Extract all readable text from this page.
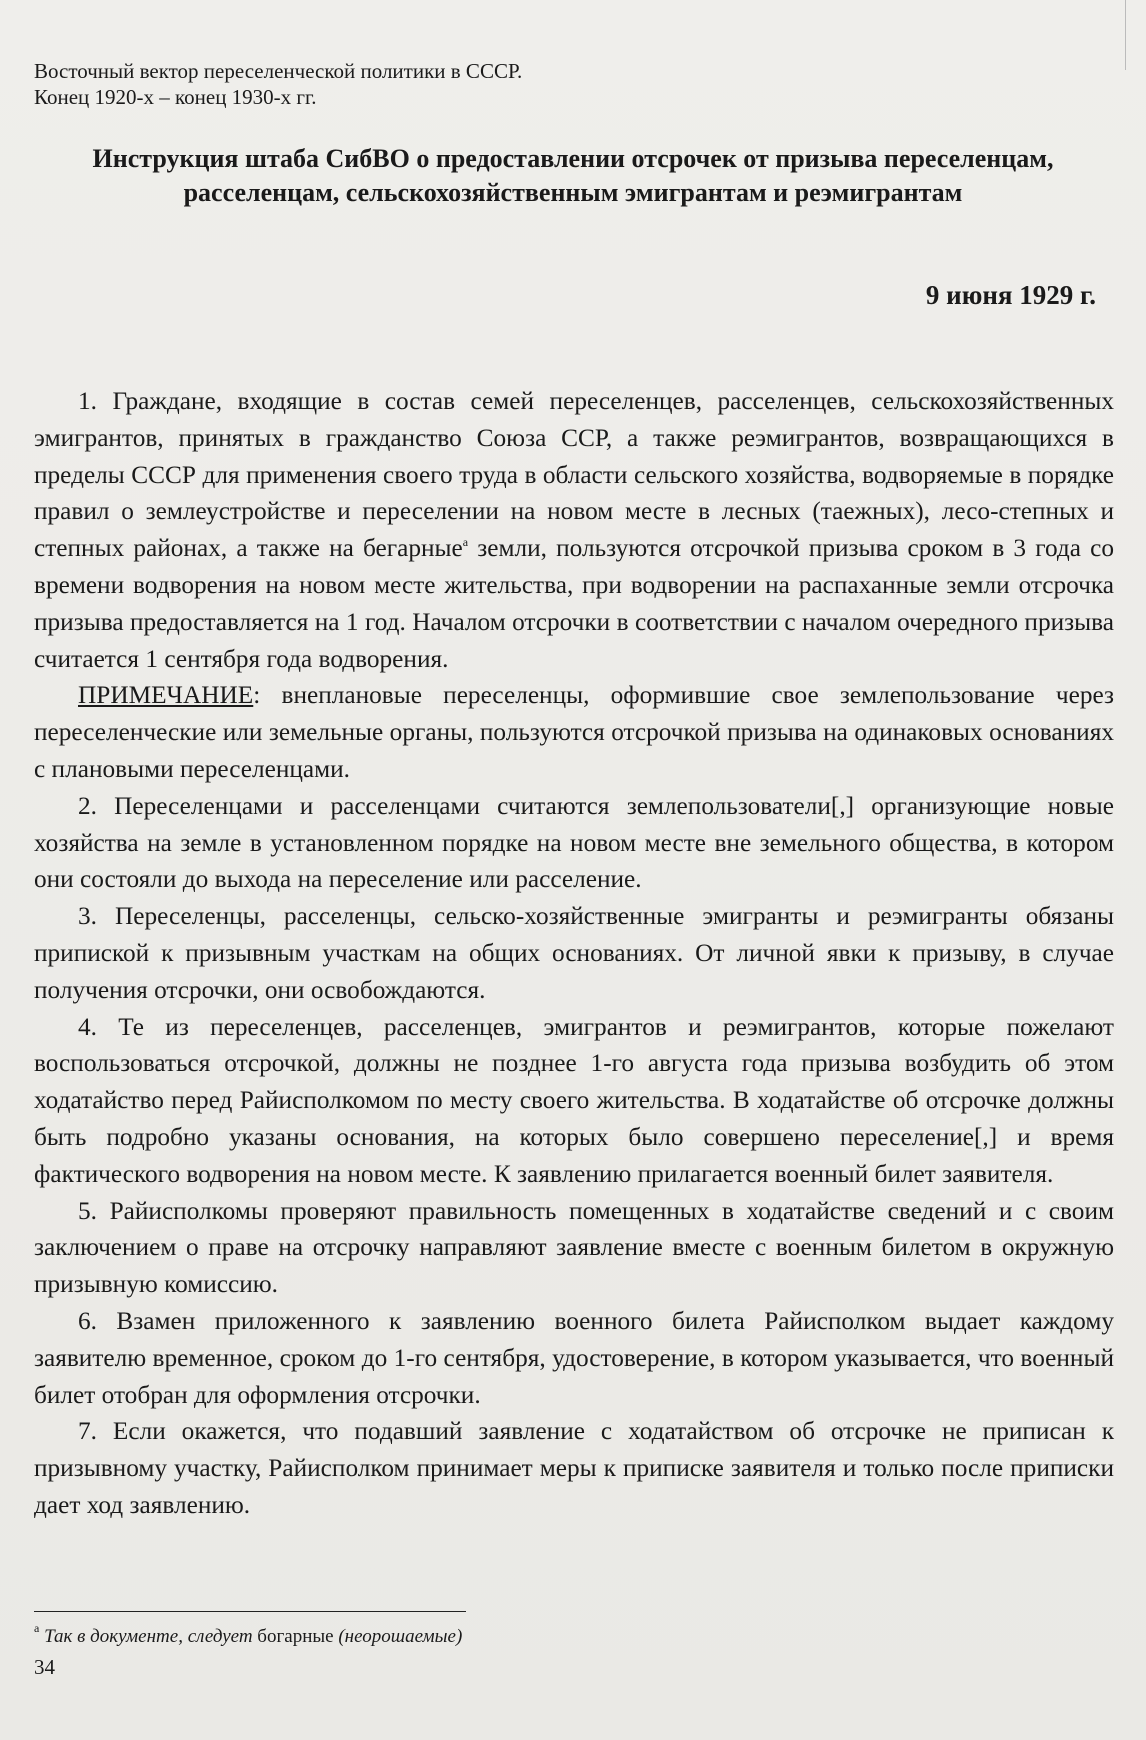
Восточный вектор переселенческой политики в СССР.
Конец 1920-х – конец 1930-х гг.
Инструкция штаба СибВО о предоставлении отсрочек от призыва переселенцам, расселенцам, сельскохозяйственным эмигрантам и реэмигрантам
9 июня 1929 г.

1. Граждане, входящие в состав семей переселенцев, расселенцев, сельскохозяйственных эмигрантов, принятых в гражданство Союза ССР, а также реэмигрантов, возвращающихся в пределы СССР для применения своего труда в области сельского хозяйства, водворяемые в порядке правил о землеустройстве и переселении на новом месте в лесных (таежных), лесо-степных и степных районах, а также на бегарные$^а$ земли, пользуются отсрочкой призыва сроком в 3 года со времени водворения на новом месте жительства, при водворении на распаханные земли отсрочка призыва предоставляется на 1 год. Началом отсрочки в соответствии с началом очередного призыва считается 1 сентября года водворения.

ПРИМЕЧАНИЕ: внеплановые переселенцы, оформившие свое землепользование через переселенческие или земельные органы, пользуются отсрочкой призыва на одинаковых основаниях с плановыми переселенцами.

2. Переселенцами и расселенцами считаются землепользователи[,] организующие новые хозяйства на земле в установленном порядке на новом месте вне земельного общества, в котором они состояли до выхода на переселение или расселение.

3. Переселенцы, расселенцы, сельско-хозяйственные эмигранты и реэмигранты обязаны припиской к призывным участкам на общих основаниях. От личной явки к призыву, в случае получения отсрочки, они освобождаются.

4. Те из переселенцев, расселенцев, эмигрантов и реэмигрантов, которые пожелают воспользоваться отсрочкой, должны не позднее 1-го августа года призыва возбудить об этом ходатайство перед Райисполкомом по месту своего жительства. В ходатайстве об отсрочке должны быть подробно указаны основания, на которых было совершено переселение[,] и время фактического водворения на новом месте. К заявлению прилагается военный билет заявителя.

5. Райисполкомы проверяют правильность помещенных в ходатайстве сведений и с своим заключением о праве на отсрочку направляют заявление вместе с военным билетом в окружную призывную комиссию.

6. Взамен приложенного к заявлению военного билета Райисполком выдает каждому заявителю временное, сроком до 1-го сентября, удостоверение, в котором указывается, что военный билет отобран для оформления отсрочки.

7. Если окажется, что подавший заявление с ходатайством об отсрочке не приписан к призывному участку, Райисполком принимает меры к приписке заявителя и только после приписки дает ход заявлению.

$^а$ Так в документе, следует богарные (неорошаемые)
34
